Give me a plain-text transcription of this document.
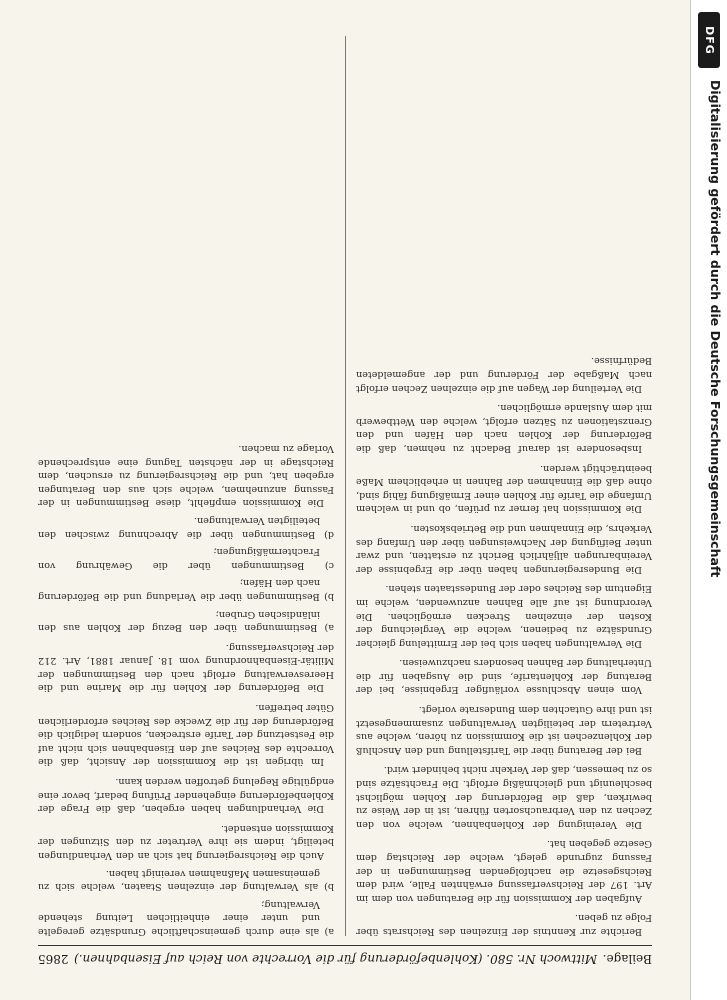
Beilage.
Mittwoch Nr. 580. (Kohlenbeförderung für die Vorrechte von Reich auf Eisenbahnen.)
2865

Berichte zur Kenntnis der Einzelnen des Reichsrats über Folge zu geben.

Aufgaben der Kommission für die Beratungen von dem im Art. 197 der Reichsverfassung erwähnten Falle, wird dem Reichsgesetze die nachfolgenden Bestimmungen in der Fassung zugrunde gelegt, welche der Reichstag dem Gesetze gegeben hat.

Die Vereinigung der Kohlenbahnen, welche von den Zechen zu den Verbrauchsorten führen, ist in der Weise zu bewirken, daß die Beförderung der Kohlen möglichst beschleunigt und gleichmäßig erfolgt. Die Frachtsätze sind so zu bemessen, daß der Verkehr nicht behindert wird.

Bei der Beratung über die Tarifstellung und den Anschluß der Kohlenzechen ist die Kommission zu hören, welche aus Vertretern der beteiligten Verwaltungen zusammengesetzt ist und ihre Gutachten dem Bundesrate vorlegt.

Vom einen Abschlusse vorläufiger Ergebnisse, bei der Beratung der Kohlentarife, sind die Ausgaben für die Unterhaltung der Bahnen besonders nachzuweisen.

Die Verwaltungen haben sich bei der Ermittelung gleicher Grundsätze zu bedienen, welche die Vergleichung der Kosten der einzelnen Strecken ermöglichen. Die Verordnung ist auf alle Bahnen anzuwenden, welche im Eigentum des Reiches oder der Bundesstaaten stehen.

Die Bundesregierungen haben über die Ergebnisse der Vereinbarungen alljährlich Bericht zu erstatten, und zwar unter Beifügung der Nachweisungen über den Umfang des Verkehrs, die Einnahmen und die Betriebskosten.

Die Kommission hat ferner zu prüfen, ob und in welchem Umfange die Tarife für Kohlen einer Ermäßigung fähig sind, ohne daß die Einnahmen der Bahnen in erheblichem Maße beeinträchtigt werden.

Insbesondere ist darauf Bedacht zu nehmen, daß die Beförderung der Kohlen nach den Häfen und den Grenzstationen zu Sätzen erfolgt, welche den Wettbewerb mit dem Auslande ermöglichen.

Die Verteilung der Wagen auf die einzelnen Zechen erfolgt nach Maßgabe der Förderung und der angemeldeten Bedürfnisse.

a) als eine durch gemeinschaftliche Grundsätze geregelte und unter einer einheitlichen Leitung stehende Verwaltung;

b) als Verwaltung der einzelnen Staaten, welche sich zu gemeinsamen Maßnahmen vereinigt haben.

Auch die Reichsregierung hat sich an den Verhandlungen beteiligt, indem sie ihre Vertreter zu den Sitzungen der Kommission entsendet.

Die Verhandlungen haben ergeben, daß die Frage der Kohlenbeförderung eingehender Prüfung bedarf, bevor eine endgültige Regelung getroffen werden kann.

Im übrigen ist die Kommission der Ansicht, daß die Vorrechte des Reiches auf den Eisenbahnen sich nicht auf die Festsetzung der Tarife erstrecken, sondern lediglich die Beförderung der für die Zwecke des Reiches erforderlichen Güter betreffen.

Die Beförderung der Kohlen für die Marine und die Heeresverwaltung erfolgt nach den Bestimmungen der Militär-Eisenbahnordnung vom 18. Januar 1881, Art. 212 der Reichsverfassung.

a) Bestimmungen über den Bezug der Kohlen aus den inländischen Gruben;

b) Bestimmungen über die Verladung und die Beförderung nach den Häfen;

c) Bestimmungen über die Gewährung von Frachtermäßigungen;

d) Bestimmungen über die Abrechnung zwischen den beteiligten Verwaltungen.

Die Kommission empfiehlt, diese Bestimmungen in der Fassung anzunehmen, welche sich aus den Beratungen ergeben hat, und die Reichsregierung zu ersuchen, dem Reichstage in der nächsten Tagung eine entsprechende Vorlage zu machen.

DFG
Digitalisierung gefördert durch die Deutsche Forschungsgemeinschaft
